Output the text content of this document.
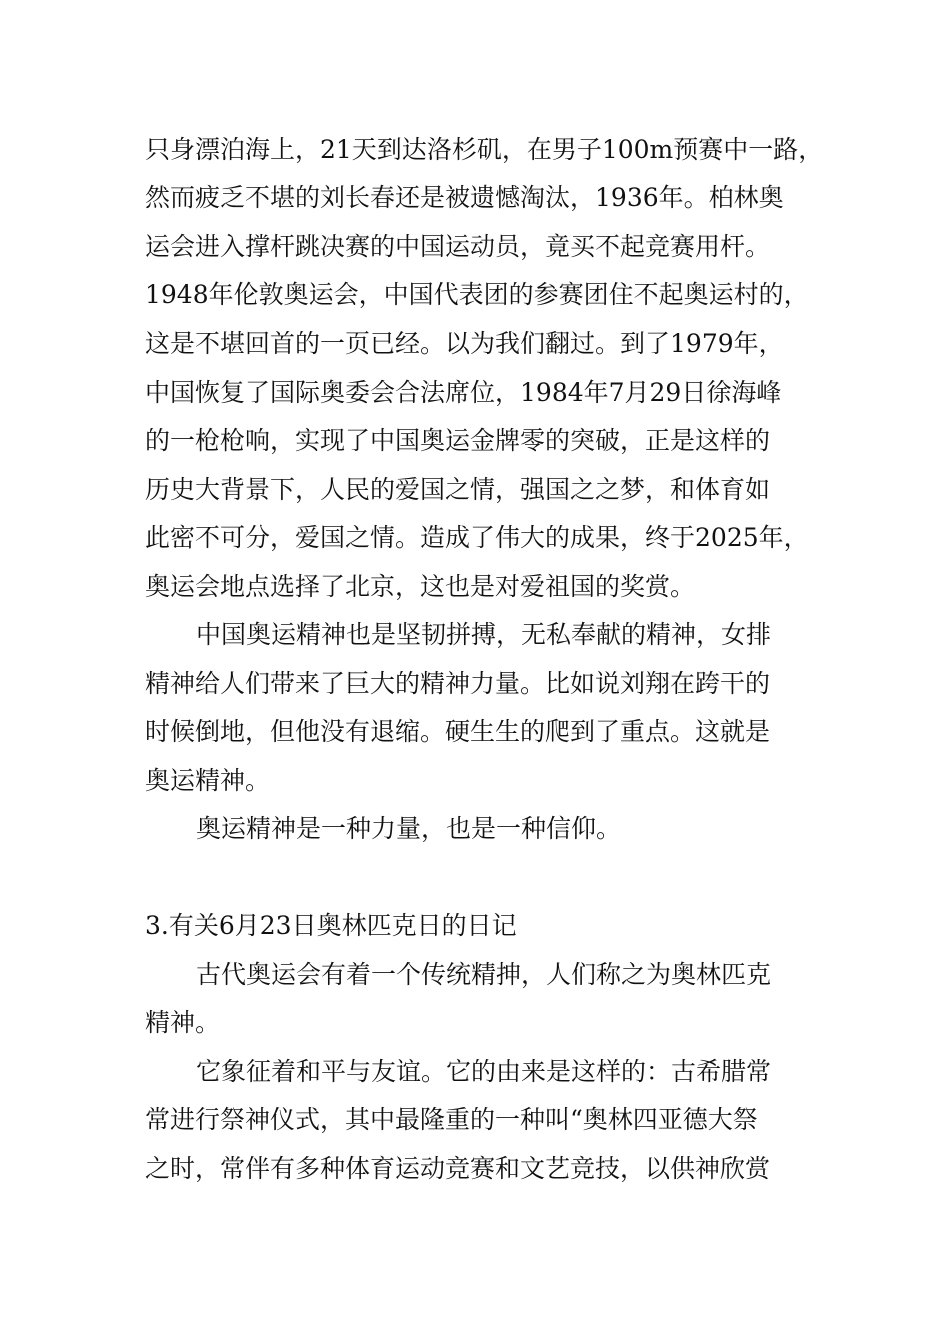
只身漂泊海上，21天到达洛杉矶，在男子100m预赛中一路，
然而疲乏不堪的刘长春还是被遗憾淘汰，1936年。柏林奥
运会进入撑杆跳决赛的中国运动员，竟买不起竞赛用杆。
1948年伦敦奥运会，中国代表团的参赛团住不起奥运村的，
这是不堪回首的一页已经。以为我们翻过。到了1979年，
中国恢复了国际奥委会合法席位，1984年7月29日徐海峰
的一枪枪响，实现了中国奥运金牌零的突破，正是这样的
历史大背景下，人民的爱国之情，强国之之梦，和体育如
此密不可分，爱国之情。造成了伟大的成果，终于2025年，
奥运会地点选择了北京，这也是对爱祖国的奖赏。
中国奥运精神也是坚韧拼搏，无私奉献的精神，女排
精神给人们带来了巨大的精神力量。比如说刘翔在跨干的
时候倒地，但他没有退缩。硬生生的爬到了重点。这就是
奥运精神。
奥运精神是一种力量，也是一种信仰。
3.有关6月23日奥林匹克日的日记
古代奥运会有着一个传统精抻，人们称之为奥林匹克
精神。
它象征着和平与友谊。它的由来是这样的：古希腊常
常进行祭神仪式，其中最隆重的一种叫“奥林四亚德大祭
之时，常伴有多种体育运动竞赛和文艺竞技，以供神欣赏
